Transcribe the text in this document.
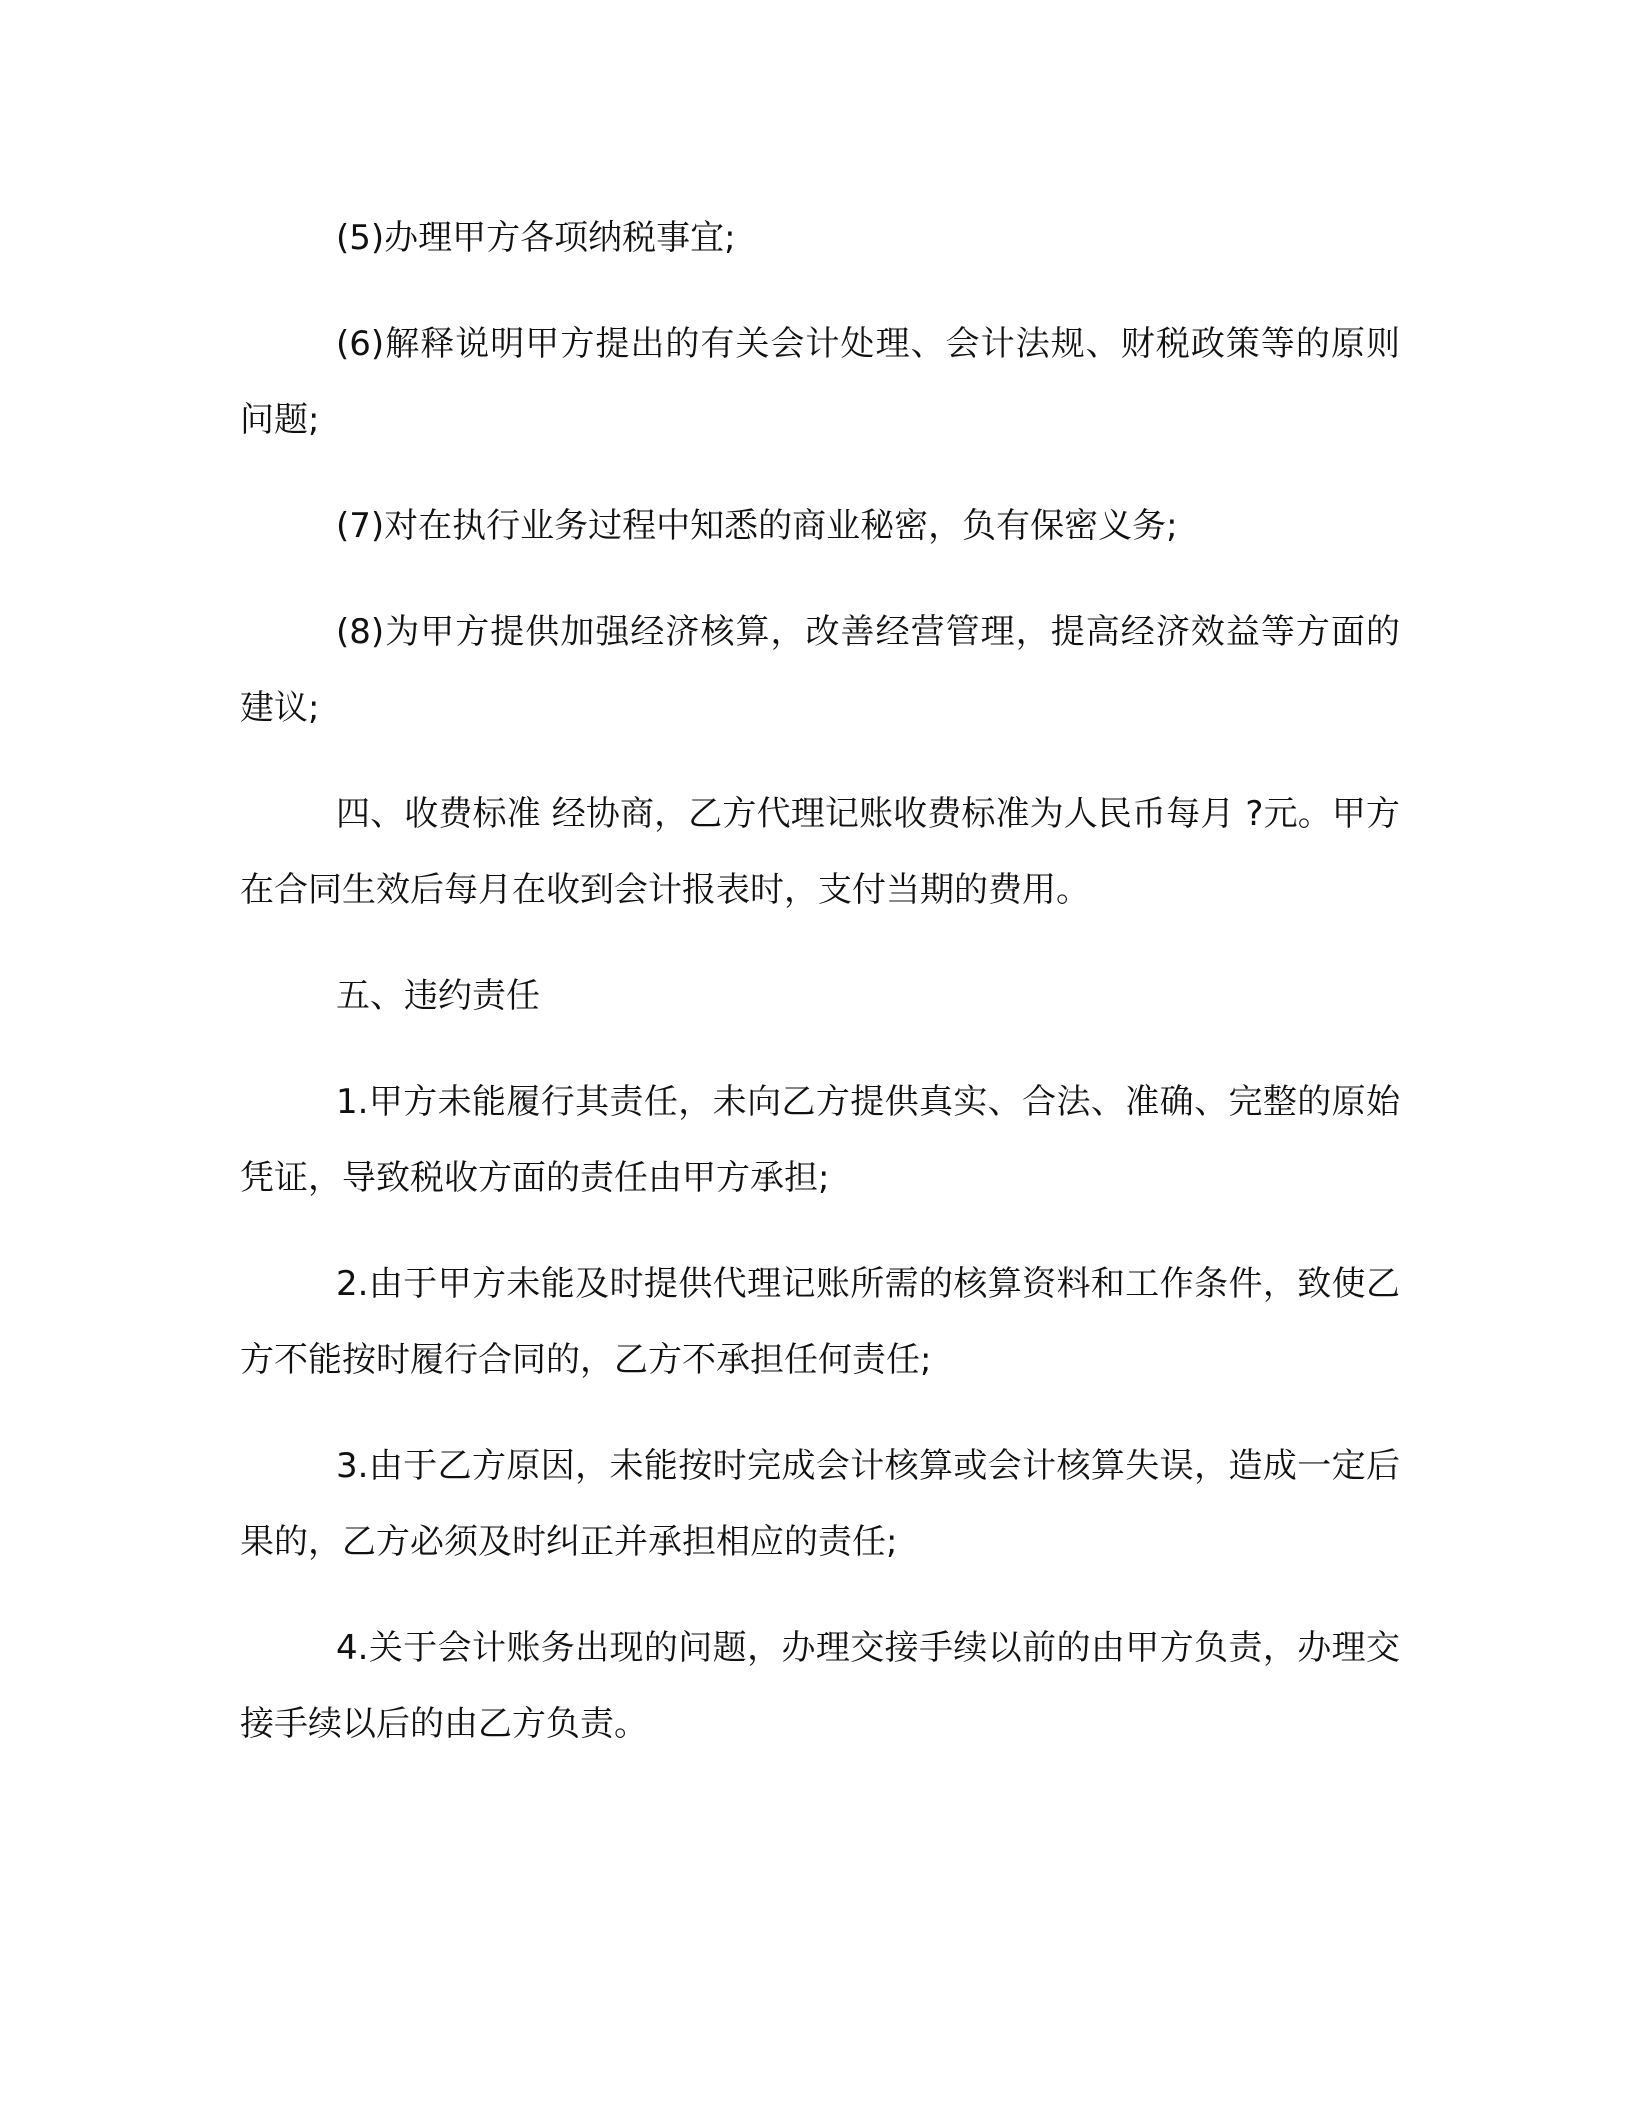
(5)办理甲方各项纳税事宜;

(6)解释说明甲方提出的有关会计处理、会计法规、财税政策等的原则问题;

(7)对在执行业务过程中知悉的商业秘密，负有保密义务;

(8)为甲方提供加强经济核算，改善经营管理，提高经济效益等方面的建议;

四、收费标准 经协商，乙方代理记账收费标准为人民币每月 ?元。甲方在合同生效后每月在收到会计报表时，支付当期的费用。

五、违约责任

1.甲方未能履行其责任，未向乙方提供真实、合法、准确、完整的原始凭证，导致税收方面的责任由甲方承担;

2.由于甲方未能及时提供代理记账所需的核算资料和工作条件，致使乙方不能按时履行合同的，乙方不承担任何责任;

3.由于乙方原因，未能按时完成会计核算或会计核算失误，造成一定后果的，乙方必须及时纠正并承担相应的责任;

4.关于会计账务出现的问题，办理交接手续以前的由甲方负责，办理交接手续以后的由乙方负责。
